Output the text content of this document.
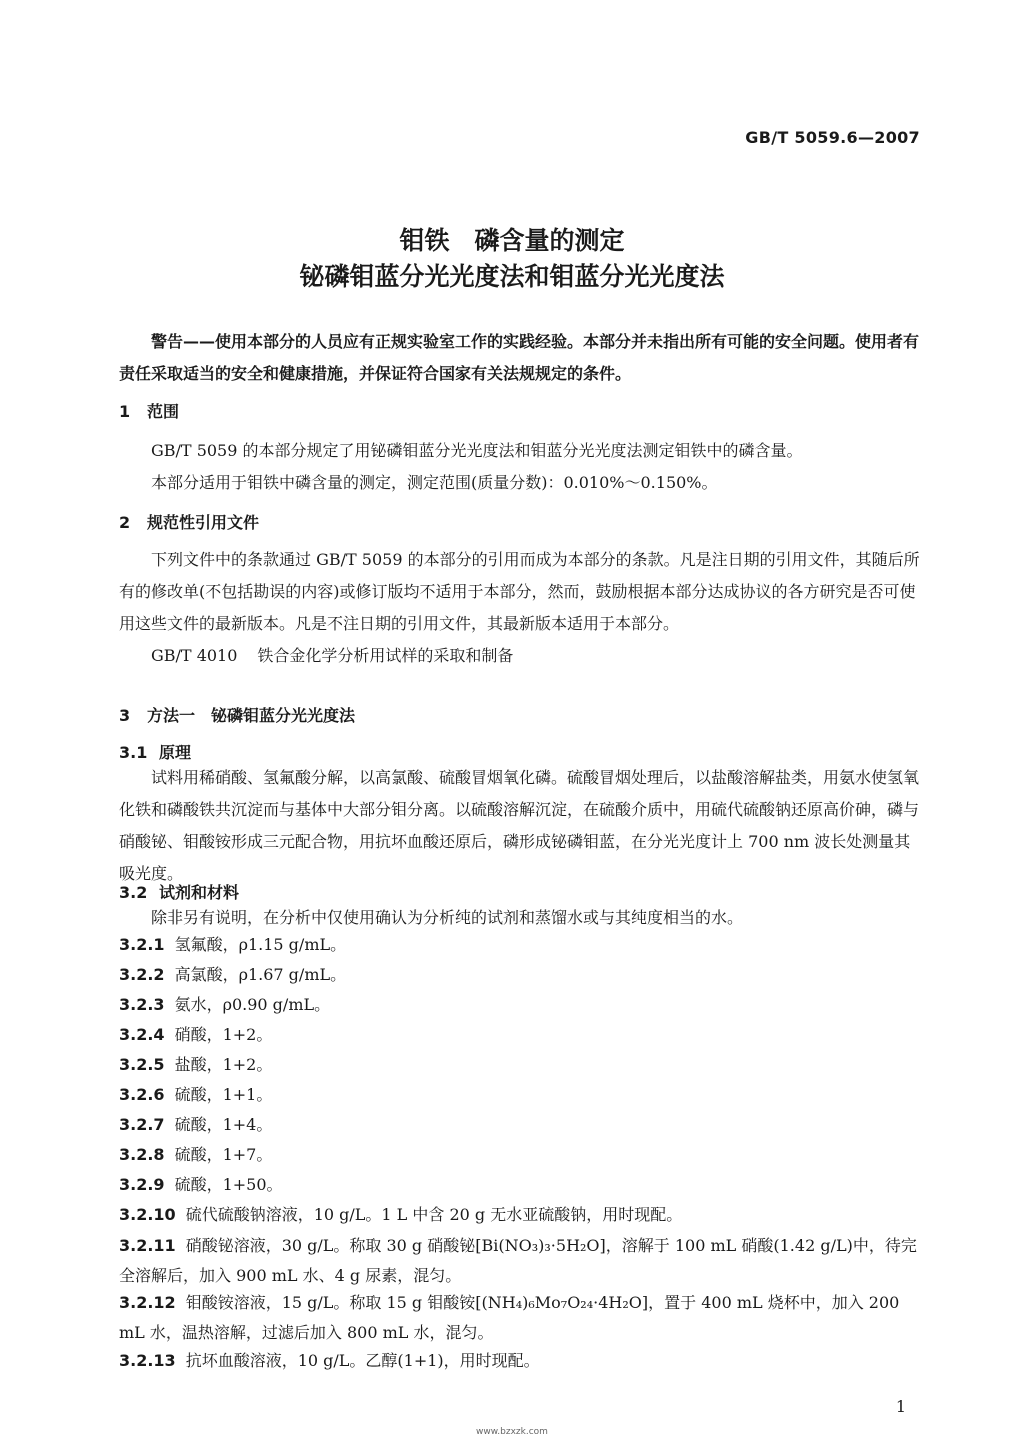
GB/T 5059.6—2007
钼铁　磷含量的测定
铋磷钼蓝分光光度法和钼蓝分光光度法

警告——使用本部分的人员应有正规实验室工作的实践经验。本部分并未指出所有可能的安全问题。使用者有责任采取适当的安全和健康措施，并保证符合国家有关法规规定的条件。

1 范围

GB/T 5059 的本部分规定了用铋磷钼蓝分光光度法和钼蓝分光光度法测定钼铁中的磷含量。

本部分适用于钼铁中磷含量的测定，测定范围(质量分数)：0.010%～0.150%。

2 规范性引用文件

下列文件中的条款通过 GB/T 5059 的本部分的引用而成为本部分的条款。凡是注日期的引用文件，其随后所有的修改单(不包括勘误的内容)或修订版均不适用于本部分，然而，鼓励根据本部分达成协议的各方研究是否可使用这些文件的最新版本。凡是不注日期的引用文件，其最新版本适用于本部分。

GB/T 4010 铁合金化学分析用试样的采取和制备

3 方法一　铋磷钼蓝分光光度法
3.1 原理

试料用稀硝酸、氢氟酸分解，以高氯酸、硫酸冒烟氧化磷。硫酸冒烟处理后，以盐酸溶解盐类，用氨水使氢氧化铁和磷酸铁共沉淀而与基体中大部分钼分离。以硫酸溶解沉淀，在硫酸介质中，用硫代硫酸钠还原高价砷，磷与硝酸铋、钼酸铵形成三元配合物，用抗坏血酸还原后，磷形成铋磷钼蓝，在分光光度计上 700 nm 波长处测量其吸光度。

3.2 试剂和材料

除非另有说明，在分析中仅使用确认为分析纯的试剂和蒸馏水或与其纯度相当的水。

3.2.1 氢氟酸，ρ1.15 g/mL。
3.2.2 高氯酸，ρ1.67 g/mL。
3.2.3 氨水，ρ0.90 g/mL。
3.2.4 硝酸，1+2。
3.2.5 盐酸，1+2。
3.2.6 硫酸，1+1。
3.2.7 硫酸，1+4。
3.2.8 硫酸，1+7。
3.2.9 硫酸，1+50。
3.2.10 硫代硫酸钠溶液，10 g/L。1 L 中含 20 g 无水亚硫酸钠，用时现配。
3.2.11 硝酸铋溶液，30 g/L。称取 30 g 硝酸铋[Bi(NO₃)₃·5H₂O]，溶解于 100 mL 硝酸(1.42 g/L)中，待完全溶解后，加入 900 mL 水、4 g 尿素，混匀。
3.2.12 钼酸铵溶液，15 g/L。称取 15 g 钼酸铵[(NH₄)₆Mo₇O₂₄·4H₂O]，置于 400 mL 烧杯中，加入 200 mL 水，温热溶解，过滤后加入 800 mL 水，混匀。
3.2.13 抗坏血酸溶液，10 g/L。乙醇(1+1)，用时现配。
1
www.bzxzk.com
